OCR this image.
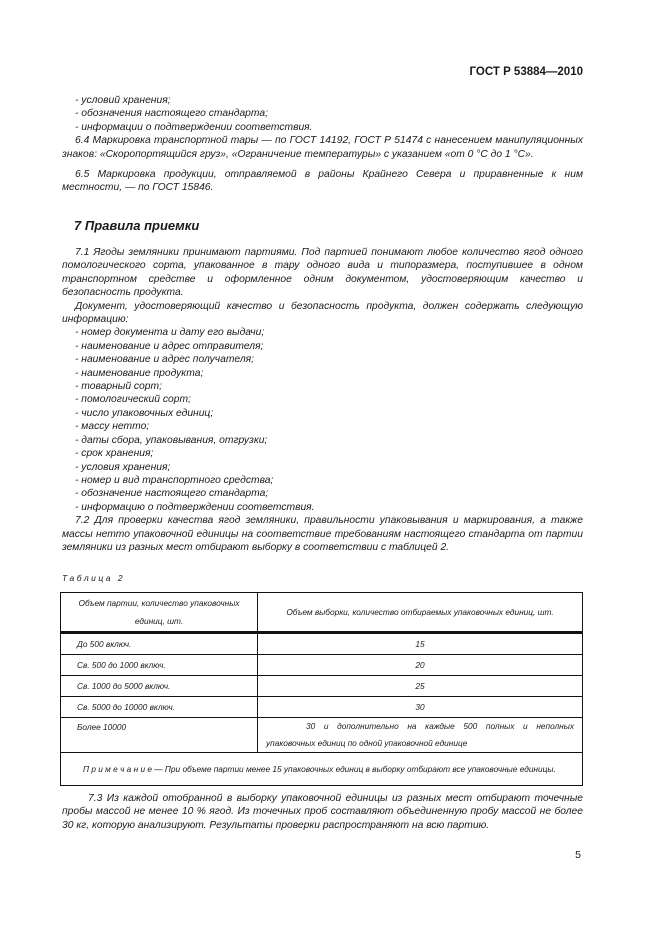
ГОСТ Р 53884—2010

- условий хранения;

- обозначения настоящего стандарта;

- информации о подтверждении соответствия.

6.4 Маркировка транспортной тары — по ГОСТ 14192, ГОСТ Р 51474 с нанесением манипуляционных знаков: «Скоропортящийся груз», «Ограничение температуры» с указанием «от 0 °С до 1 °С».

6.5 Маркировка продукции, отправляемой в районы Крайнего Севера и приравненные к ним местности, — по ГОСТ 15846.

7 Правила приемки

7.1 Ягоды земляники принимают партиями. Под партией понимают любое количество ягод одного помологического сорта, упакованное в тару одного вида и типоразмера, поступившее в одном транспортном средстве и оформленное одним документом, удостоверяющим качество и безопасность продукта.

Документ, удостоверяющий качество и безопасность продукта, должен содержать следующую информацию:

- номер документа и дату его выдачи;

- наименование и адрес отправителя;

- наименование и адрес получателя;

- наименование продукта;

- товарный сорт;

- помологический сорт;

- число упаковочных единиц;

- массу нетто;

- даты сбора, упаковывания, отгрузки;

- срок хранения;

- условия хранения;

- номер и вид транспортного средства;

- обозначение настоящего стандарта;

- информацию о подтверждении соответствия.

7.2 Для проверки качества ягод земляники, правильности упаковывания и маркирования, а также массы нетто упаковочной единицы на соответствие требованиям настоящего стандарта от партии земляники из разных мест отбирают выборку в соответствии с таблицей 2.

Таблица 2
Объем партии, количество упаковочных единиц, шт.	Объем выборки, количество отбираемых упаковочных единиц, шт.
До 500 включ.	15
Св. 500 до 1000 включ.	20
Св. 1000 до 5000 включ.	25
Св. 5000 до 10000 включ.	30
Более 10000	30 и дополнительно на каждые 500 полных и неполных упаковочных единиц по одной упаковочной единице
П р и м е ч а н и е — При объеме партии менее 15 упаковочных единиц в выборку отбирают все упаковочные единицы.	

7.3 Из каждой отобранной в выборку упаковочной единицы из разных мест отбирают точечные пробы массой не менее 10 % ягод. Из точечных проб составляют объединенную пробу массой не более 30 кг, которую анализируют. Результаты проверки распространяют на всю партию.

5
